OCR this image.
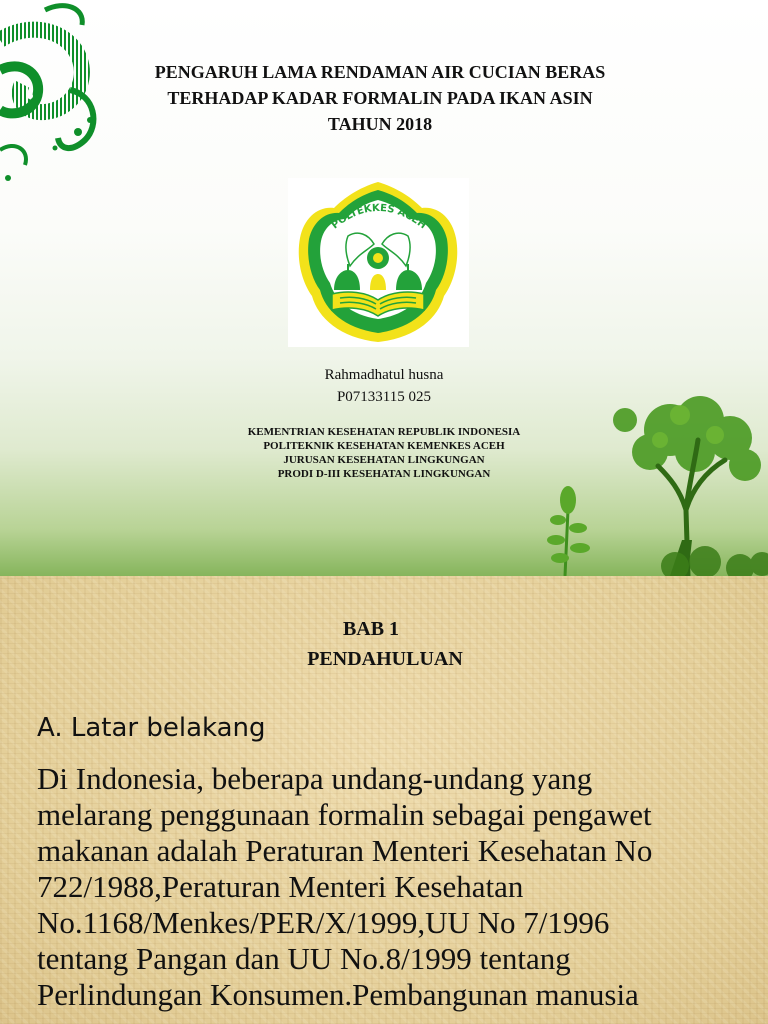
PENGARUH LAMA RENDAMAN AIR CUCIAN BERAS
TERHADAP KADAR FORMALIN PADA IKAN ASIN
TAHUN 2018
POLTEKKES ACEH
Rahmadhatul husna
P07133115 025
KEMENTRIAN KESEHATAN REPUBLIK INDONESIA
POLITEKNIK KESEHATAN KEMENKES ACEH
JURUSAN KESEHATAN LINGKUNGAN
PRODI D-III KESEHATAN LINGKUNGAN
BAB 1
PENDAHULUAN
A. Latar belakang

Di Indonesia, beberapa undang-undang yang
melarang penggunaan formalin sebagai pengawet
makanan adalah Peraturan Menteri Kesehatan No
722/1988,Peraturan Menteri Kesehatan
No.1168/Menkes/PER/X/1999,UU No 7/1996
tentang Pangan dan UU No.8/1999 tentang
Perlindungan Konsumen.Pembangunan manusia
